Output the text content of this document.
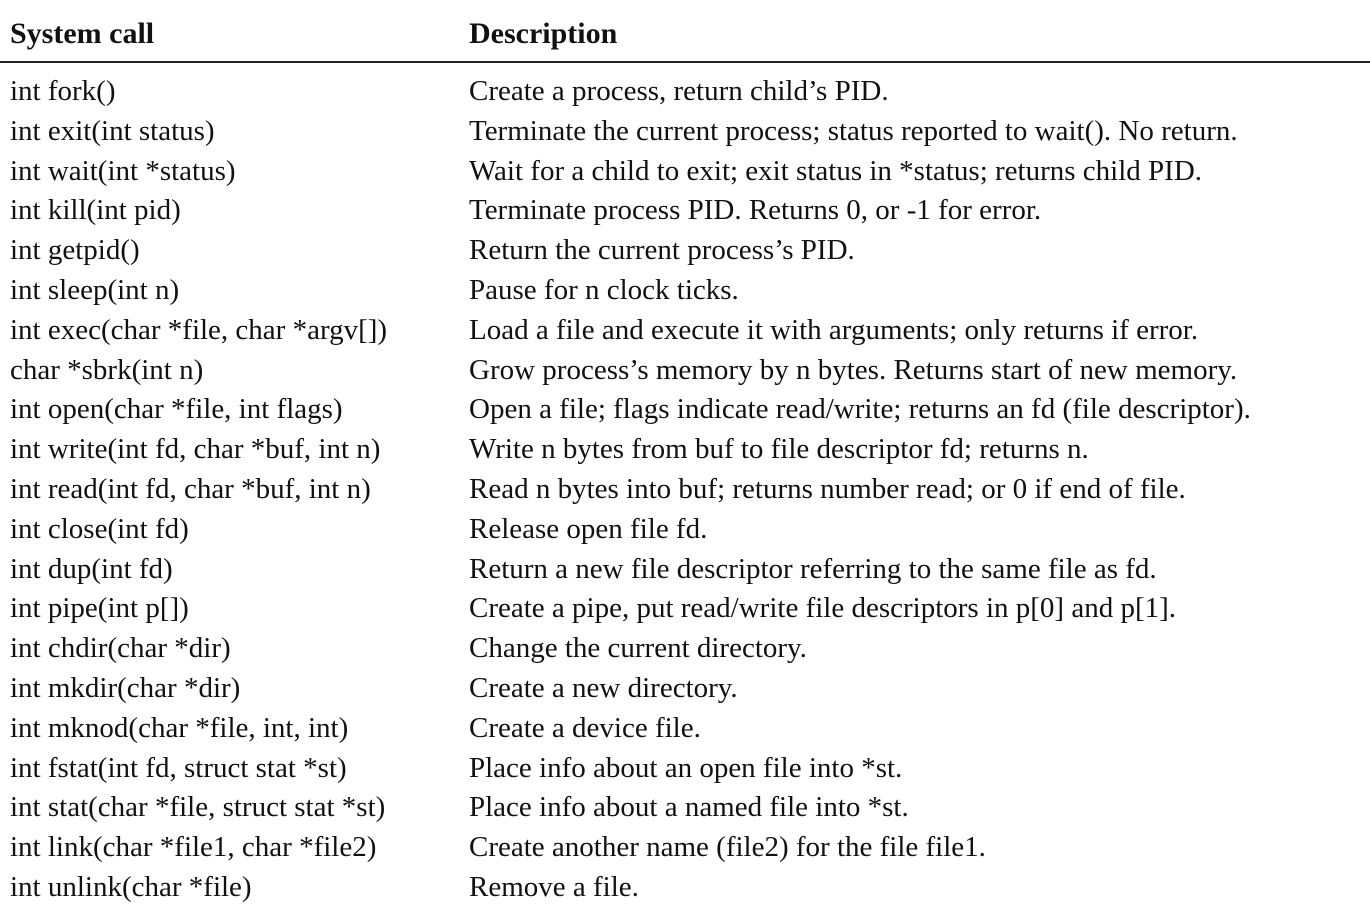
System call	Description
int fork()	Create a process, return child’s PID.
int exit(int status)	Terminate the current process; status reported to wait(). No return.
int wait(int *status)	Wait for a child to exit; exit status in *status; returns child PID.
int kill(int pid)	Terminate process PID. Returns 0, or -1 for error.
int getpid()	Return the current process’s PID.
int sleep(int n)	Pause for n clock ticks.
int exec(char *file, char *argv[])	Load a file and execute it with arguments; only returns if error.
char *sbrk(int n)	Grow process’s memory by n bytes. Returns start of new memory.
int open(char *file, int flags)	Open a file; flags indicate read/write; returns an fd (file descriptor).
int write(int fd, char *buf, int n)	Write n bytes from buf to file descriptor fd; returns n.
int read(int fd, char *buf, int n)	Read n bytes into buf; returns number read; or 0 if end of file.
int close(int fd)	Release open file fd.
int dup(int fd)	Return a new file descriptor referring to the same file as fd.
int pipe(int p[])	Create a pipe, put read/write file descriptors in p[0] and p[1].
int chdir(char *dir)	Change the current directory.
int mkdir(char *dir)	Create a new directory.
int mknod(char *file, int, int)	Create a device file.
int fstat(int fd, struct stat *st)	Place info about an open file into *st.
int stat(char *file, struct stat *st)	Place info about a named file into *st.
int link(char *file1, char *file2)	Create another name (file2) for the file file1.
int unlink(char *file)	Remove a file.
